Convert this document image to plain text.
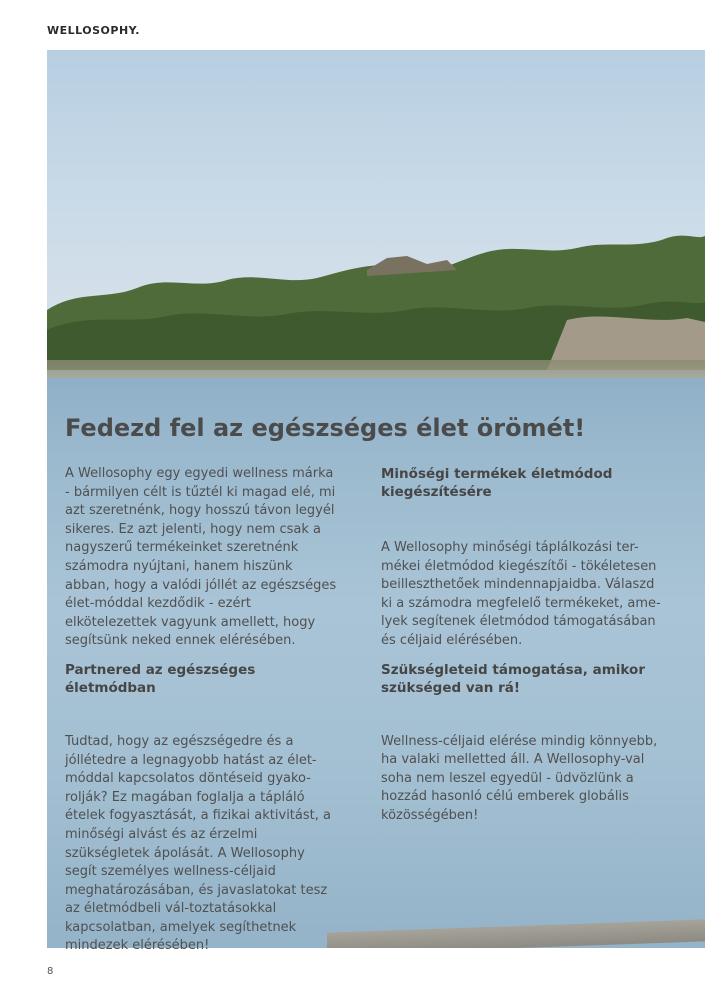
WELLOSOPHY.
Fedezd fel az egészséges élet örömét!

A Wellosophy egy egyedi wellness márka - bármilyen célt is tűztél ki magad elé, mi azt szeretnénk, hogy hosszú távon legyél sikeres. Ez azt jelenti, hogy nem csak a nagyszerű termékeinket szeretnénk számodra nyújtani, hanem hiszünk abban, hogy a valódi jóllét az egészséges élet-móddal kezdődik - ezért elkötelezettek vagyunk amellett, hogy segítsünk neked ennek elérésében.

Partnered az egészséges életmódban

Tudtad, hogy az egészségedre és a jóllétedre a legnagyobb hatást az élet-móddal kapcsolatos döntéseid gyako-rolják? Ez magában foglalja a tápláló ételek fogyasztását, a fizikai aktivitást, a minőségi alvást és az érzelmi szükségletek ápolását. A Wellosophy segít személyes wellness-céljaid meghatározásában, és javaslatokat tesz az életmódbeli vál-toztatásokkal kapcsolatban, amelyek segíthetnek mindezek elérésében!

Minőségi termékek életmódod kiegészítésére

A Wellosophy minőségi táplálkozási ter-mékei életmódod kiegészítői - tökéletesen beilleszthetőek mindennapjaidba. Válaszd ki a számodra megfelelő termékeket, ame-lyek segítenek életmódod támogatásában és céljaid elérésében.

Szükségleteid támogatása, amikor szükséged van rá!

Wellness-céljaid elérése mindig könnyebb, ha valaki melletted áll. A Wellosophy-val soha nem leszel egyedül - üdvözlünk a hozzád hasonló célú emberek globális közösségében!

8
